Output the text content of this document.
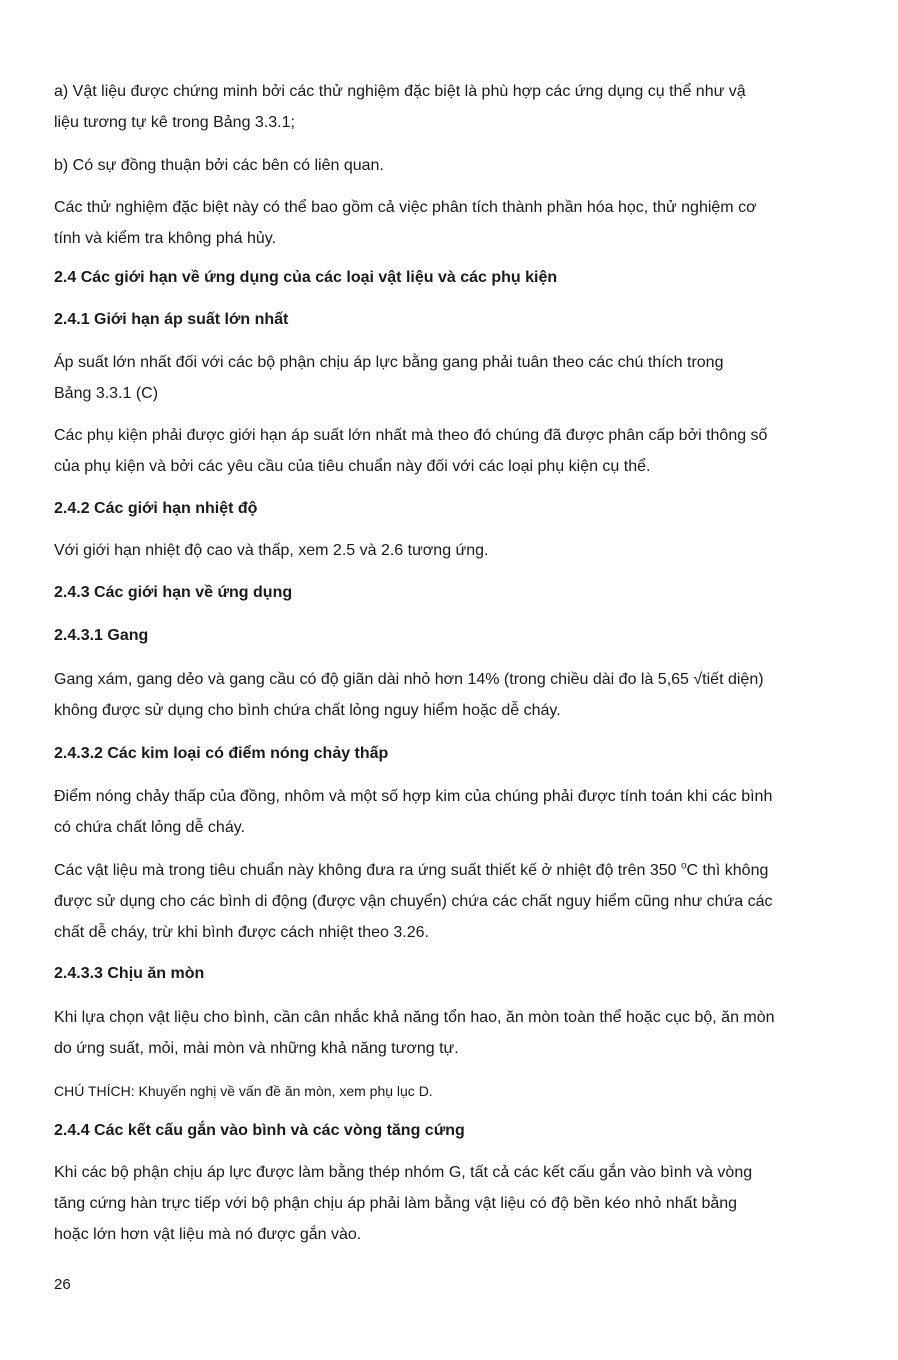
a) Vật liệu được chứng minh bởi các thử nghiệm đặc biệt là phù hợp các ứng dụng cụ thể như vậ
liệu tương tự kê trong Bảng 3.3.1;
b) Có sự đồng thuận bởi các bên có liên quan.
Các thử nghiệm đặc biệt này có thể bao gồm cả việc phân tích thành phần hóa học, thử nghiệm cơ
tính và kiểm tra không phá hủy.
2.4 Các giới hạn về ứng dụng của các loại vật liệu và các phụ kiện
2.4.1 Giới hạn áp suất lớn nhất
Áp suất lớn nhất đối với các bộ phận chịu áp lực bằng gang phải tuân theo các chú thích trong
Bảng 3.3.1 (C)
Các phụ kiện phải được giới hạn áp suất lớn nhất mà theo đó chúng đã được phân cấp bởi thông số
của phụ kiện và bởi các yêu cầu của tiêu chuẩn này đối với các loại phụ kiện cụ thể.
2.4.2 Các giới hạn nhiệt độ
Với giới hạn nhiệt độ cao và thấp, xem 2.5 và 2.6 tương ứng.
2.4.3 Các giới hạn về ứng dụng
2.4.3.1 Gang
Gang xám, gang dẻo và gang cầu có độ giãn dài nhỏ hơn 14% (trong chiều dài đo là 5,65 √tiết diện)
không được sử dụng cho bình chứa chất lỏng nguy hiểm hoặc dễ cháy.
2.4.3.2 Các kim loại có điểm nóng chảy thấp
Điểm nóng chảy thấp của đồng, nhôm và một số hợp kim của chúng phải được tính toán khi các bình
có chứa chất lỏng dễ cháy.
Các vật liệu mà trong tiêu chuẩn này không đưa ra ứng suất thiết kế ở nhiệt độ trên 350 $^o$C thì không
được sử dụng cho các bình di động (được vận chuyển) chứa các chất nguy hiểm cũng như chứa các
chất dễ cháy, trừ khi bình được cách nhiệt theo 3.26.
2.4.3.3 Chịu ăn mòn
Khi lựa chọn vật liệu cho bình, cần cân nhắc khả năng tổn hao, ăn mòn toàn thể hoặc cục bộ, ăn mòn
do ứng suất, mỏi, mài mòn và những khả năng tương tự.
CHÚ THÍCH: Khuyến nghị về vấn đề ăn mòn, xem phụ lục D.
2.4.4 Các kết cấu gắn vào bình và các vòng tăng cứng
Khi các bộ phận chịu áp lực được làm bằng thép nhóm G, tất cả các kết cấu gắn vào bình và vòng
tăng cứng hàn trực tiếp với bộ phận chịu áp phải làm bằng vật liệu có độ bền kéo nhỏ nhất bằng
hoặc lớn hơn vật liệu mà nó được gắn vào.
26
